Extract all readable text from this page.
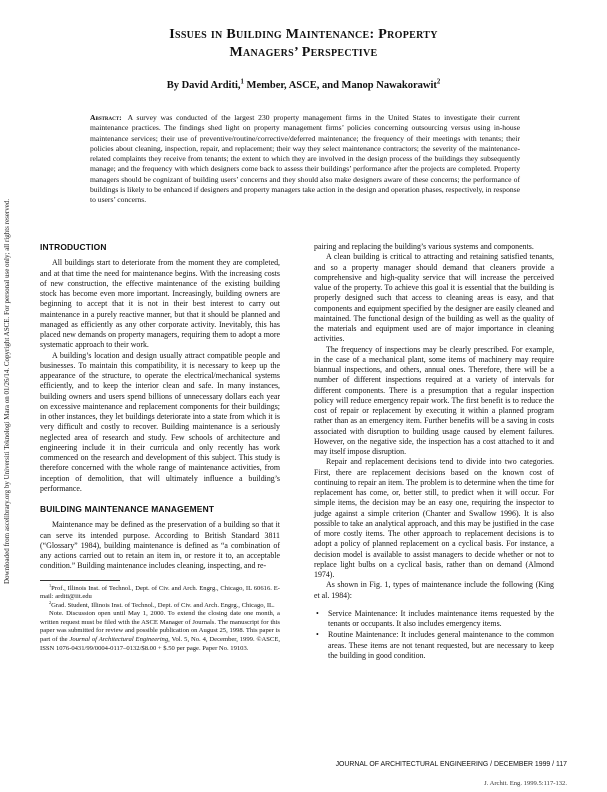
Downloaded from ascelibrary.org by Universiti Teknologi Mara on 01/26/14. Copyright ASCE. For personal use only; all rights reserved.
Issues in Building Maintenance: Property
Managers’ Perspective
By David Arditi,$^1$ Member, ASCE, and Manop Nawakorawit$^2$
Abstract: A survey was conducted of the largest 230 property management firms in the United States to investigate their current maintenance practices. The findings shed light on property management firms’ policies concerning outsourcing versus using in-house maintenance services; their use of preventive/routine/corrective/deferred maintenance; the frequency of their meetings with tenants; their policies about cleaning, inspection, repair, and replacement; their way they select maintenance contractors; the severity of the maintenance-related complaints they receive from tenants; the extent to which they are involved in the design process of the buildings they subsequently manage; and the frequency with which designers come back to assess their buildings’ performance after the projects are completed. Property managers should be cognizant of building users’ concerns and they should also make designers aware of these concerns; the performance of buildings is likely to be enhanced if designers and property managers take action in the design and operation phases, respectively, in response to users’ concerns.
INTRODUCTION

All buildings start to deteriorate from the moment they are completed, and at that time the need for maintenance begins. With the increasing costs of new construction, the effective maintenance of the existing building stock has become even more important. Increasingly, building owners are beginning to accept that it is not in their best interest to carry out maintenance in a purely reactive manner, but that it should be planned and managed as efficiently as any other corporate activity. Inevitably, this has placed new demands on property managers, requiring them to adopt a more systematic approach to their work.

A building’s location and design usually attract compatible people and businesses. To maintain this compatibility, it is necessary to keep up the appearance of the structure, to operate the electrical/mechanical systems efficiently, and to keep the interior clean and safe. In many instances, building owners and users spend billions of unnecessary dollars each year on excessive maintenance and replacement components for their buildings; in other instances, they let buildings deteriorate into a state from which it is very difficult and costly to recover. Building maintenance is a seriously neglected area of research and study. Few schools of architecture and engineering include it in their curricula and only recently has work commenced on the research and development of this subject. This study is therefore concerned with the whole range of maintenance activities, from inception of demolition, that will ultimately influence a building’s performance.

BUILDING MAINTENANCE MANAGEMENT

Maintenance may be defined as the preservation of a building so that it can serve its intended purpose. According to British Standard 3811 (“Glossary” 1984), building maintenance is defined as “a combination of any actions carried out to retain an item in, or restore it to, an acceptable condition.” Building maintenance includes cleaning, inspecting, and re-

$^1$Prof., Illinois Inst. of Technol., Dept. of Civ. and Arch. Engrg., Chicago, IL 60616. E-mail: arditi@iit.edu

$^2$Grad. Student, Illinois Inst. of Technol., Dept. of Civ. and Arch. Engrg., Chicago, IL.

Note. Discussion open until May 1, 2000. To extend the closing date one month, a written request must be filed with the ASCE Manager of Journals. The manuscript for this paper was submitted for review and possible publication on August 25, 1998. This paper is part of the Journal of Architectural Engineering, Vol. 5, No. 4, December, 1999. ©ASCE, ISSN 1076-0431/99/0004-0117–0132/$8.00 + $.50 per page. Paper No. 19103.

pairing and replacing the building’s various systems and components.

A clean building is critical to attracting and retaining satisfied tenants, and so a property manager should demand that cleaners provide a comprehensive and high-quality service that will increase the perceived value of the property. To achieve this goal it is essential that the building is properly designed such that access to cleaning areas is easy, and that components and equipment specified by the designer are easily cleaned and maintained. The functional design of the building as well as the quality of the materials and equipment used are of major importance in cleaning activities.

The frequency of inspections may be clearly prescribed. For example, in the case of a mechanical plant, some items of machinery may require biannual inspections, and others, annual ones. Therefore, there will be a number of different inspections required at a variety of intervals for different components. There is a presumption that a regular inspection policy will reduce emergency repair work. The first benefit is to reduce the cost of repair or replacement by executing it within a planned program rather than as an emergency item. Further benefits will be a saving in costs associated with disruption to building usage caused by element failures. However, on the negative side, the inspection has a cost attached to it and may itself impose disruption.

Repair and replacement decisions tend to divide into two categories. First, there are replacement decisions based on the known cost of continuing to repair an item. The problem is to determine when the time for replacement has come, or, better still, to predict when it will occur. For simple items, the decision may be an easy one, requiring the inspector to judge against a simple criterion (Chanter and Swallow 1996). It is also possible to take an analytical approach, and this may be justified in the case of more costly items. The other approach to replacement decisions is to adopt a policy of planned replacement on a cyclical basis. For instance, a decision model is available to assist managers to decide whether or not to replace light bulbs on a cyclical basis, rather than on demand (Almond 1974).

As shown in Fig. 1, types of maintenance include the following (King et al. 1984):

• Service Maintenance: It includes maintenance items requested by the tenants or occupants. It also includes emergency items.
• Routine Maintenance: It includes general maintenance to the common areas. These items are not tenant requested, but are necessary to keep the building in good condition.
JOURNAL OF ARCHITECTURAL ENGINEERING / DECEMBER 1999 / 117
J. Archit. Eng. 1999.5:117-132.
